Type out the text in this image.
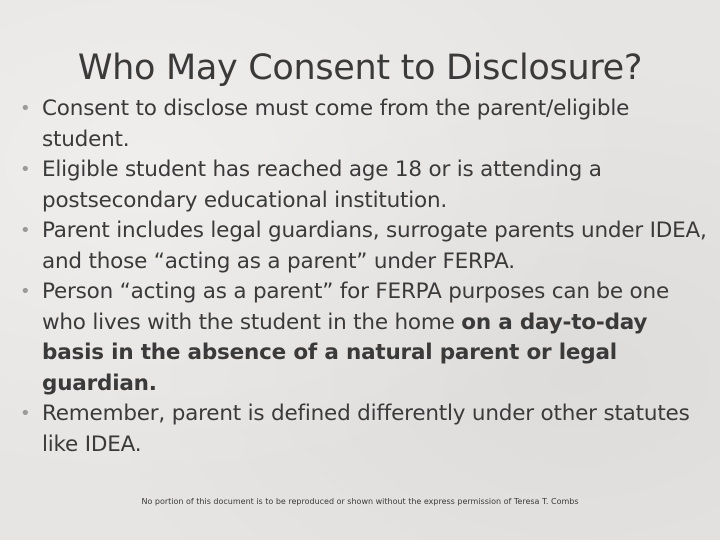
Who May Consent to Disclosure?
• Consent to disclose must come from the parent/eligible student.
• Eligible student has reached age 18 or is attending a postsecondary educational institution.
• Parent includes legal guardians, surrogate parents under IDEA, and those “acting as a parent” under FERPA.
• Person “acting as a parent” for FERPA purposes can be one who lives with the student in the home on a day-to-day basis in the absence of a natural parent or legal guardian.
• Remember, parent is defined differently under other statutes like IDEA.
No portion of this document is to be reproduced or shown without the express permission of Teresa T. Combs
